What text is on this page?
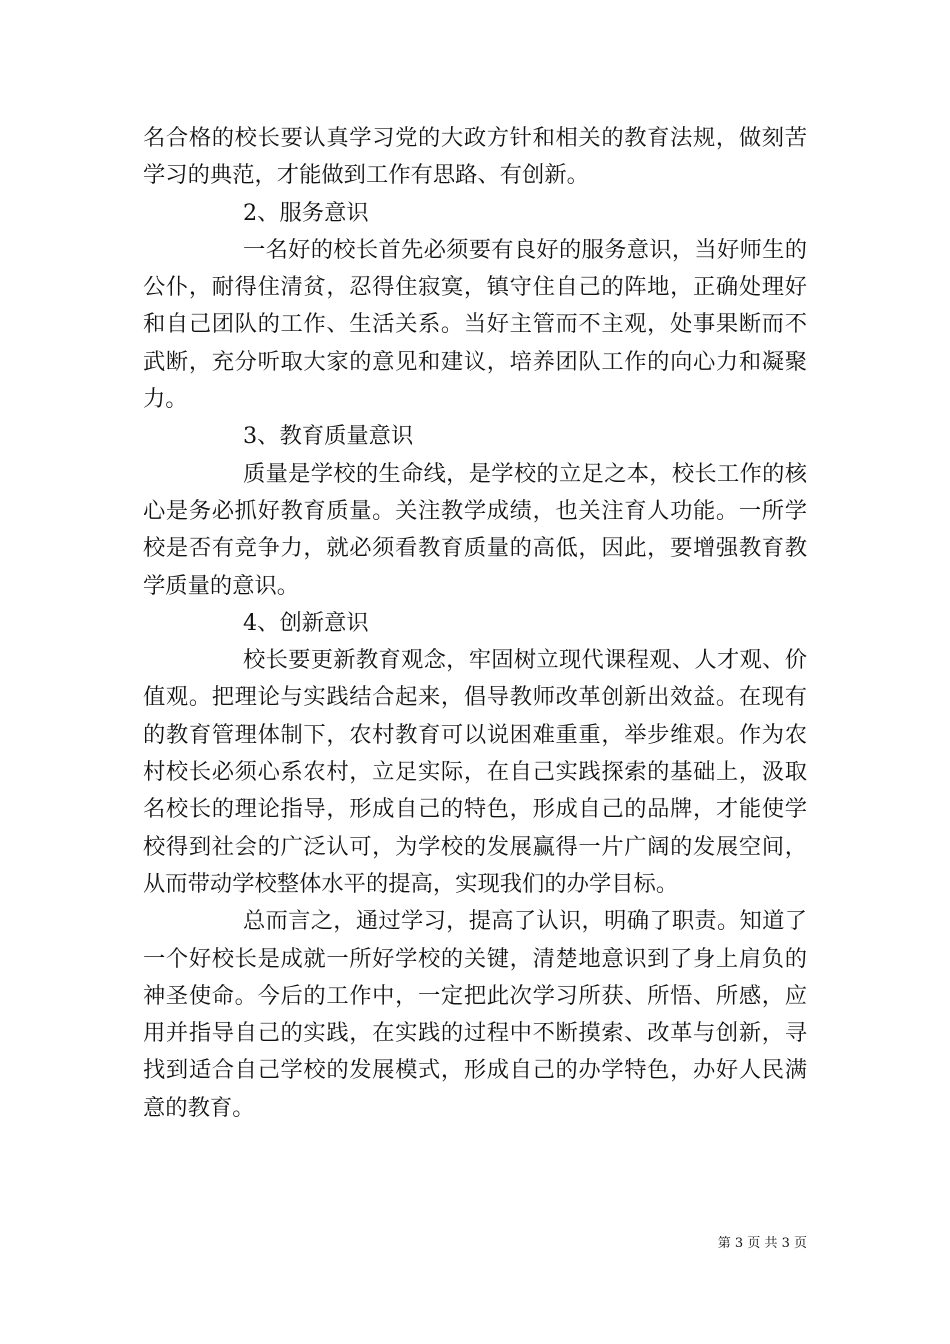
名合格的校长要认真学习党的大政方针和相关的教育法规，做刻苦学习的典范，才能做到工作有思路、有创新。

2、服务意识

一名好的校长首先必须要有良好的服务意识，当好师生的公仆，耐得住清贫，忍得住寂寞，镇守住自己的阵地，正确处理好和自己团队的工作、生活关系。当好主管而不主观，处事果断而不武断，充分听取大家的意见和建议，培养团队工作的向心力和凝聚力。

3、教育质量意识

质量是学校的生命线，是学校的立足之本，校长工作的核心是务必抓好教育质量。关注教学成绩，也关注育人功能。一所学校是否有竞争力，就必须看教育质量的高低，因此，要增强教育教学质量的意识。

4、创新意识

校长要更新教育观念，牢固树立现代课程观、人才观、价值观。把理论与实践结合起来，倡导教师改革创新出效益。在现有的教育管理体制下，农村教育可以说困难重重，举步维艰。作为农村校长必须心系农村，立足实际，在自己实践探索的基础上，汲取名校长的理论指导，形成自己的特色，形成自己的品牌，才能使学校得到社会的广泛认可，为学校的发展赢得一片广阔的发展空间，从而带动学校整体水平的提高，实现我们的办学目标。

总而言之，通过学习，提高了认识，明确了职责。知道了一个好校长是成就一所好学校的关键，清楚地意识到了身上肩负的神圣使命。今后的工作中，一定把此次学习所获、所悟、所感，应用并指导自己的实践，在实践的过程中不断摸索、改革与创新，寻找到适合自己学校的发展模式，形成自己的办学特色，办好人民满意的教育。

第 3 页 共 3 页
